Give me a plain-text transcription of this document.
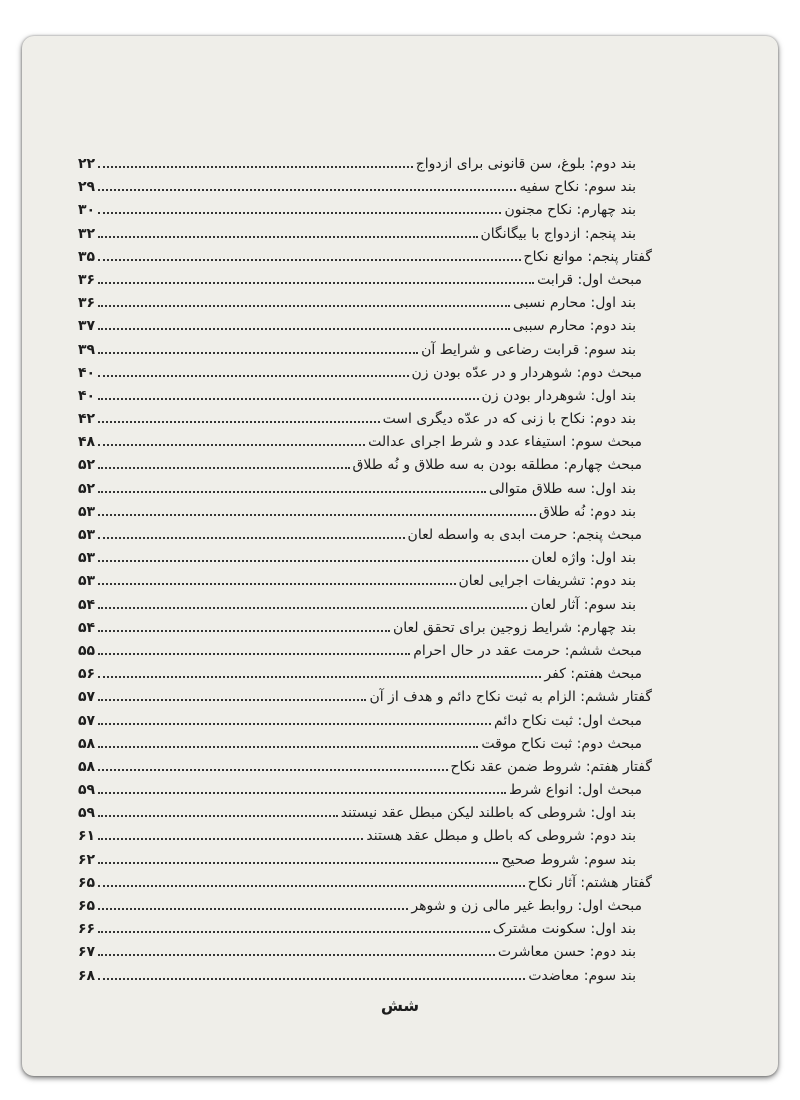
بند دوم: بلوغ، سن قانونی برای ازدواج
۲۲
بند سوم: نکاح سفیه
۲۹
بند چهارم: نکاح مجنون
۳۰
بند پنجم: ازدواج با بیگانگان
۳۲
گفتار پنجم: موانع نکاح
۳۵
مبحث اول: قرابت
۳۶
بند اول: محارم نسبی
۳۶
بند دوم: محارم سببی
۳۷
بند سوم: قرابت رضاعی و شرایط آن
۳۹
مبحث دوم: شوهردار و در عدّه بودن زن
۴۰
بند اول: شوهردار بودن زن
۴۰
بند دوم: نکاح با زنی که در عدّه دیگری است
۴۲
مبحث سوم: استیفاء عدد و شرط اجرای عدالت
۴۸
مبحث چهارم: مطلقه بودن به سه طلاق و نُه طلاق
۵۲
بند اول: سه طلاق متوالی
۵۲
بند دوم: نُه طلاق
۵۳
مبحث پنجم: حرمت ابدی به واسطه لعان
۵۳
بند اول: واژه لعان
۵۳
بند دوم: تشریفات اجرایی لعان
۵۳
بند سوم: آثار لعان
۵۴
بند چهارم: شرایط زوجین برای تحقق لعان
۵۴
مبحث ششم: حرمت عقد در حال احرام
۵۵
مبحث هفتم: کفر
۵۶
گفتار ششم: الزام به ثبت نکاح دائم و هدف از آن
۵۷
مبحث اول: ثبت نکاح دائم
۵۷
مبحث دوم: ثبت نکاح موقت
۵۸
گفتار هفتم: شروط ضمن عقد نکاح
۵۸
مبحث اول: انواع شرط
۵۹
بند اول: شروطی که باطلند لیکن مبطل عقد نیستند
۵۹
بند دوم: شروطی که باطل و مبطل عقد هستند
۶۱
بند سوم: شروط صحیح
۶۲
گفتار هشتم: آثار نکاح
۶۵
مبحث اول: روابط غیر مالی زن و شوهر
۶۵
بند اول: سکونت مشترک
۶۶
بند دوم: حسن معاشرت
۶۷
بند سوم: معاضدت
۶۸
شش
